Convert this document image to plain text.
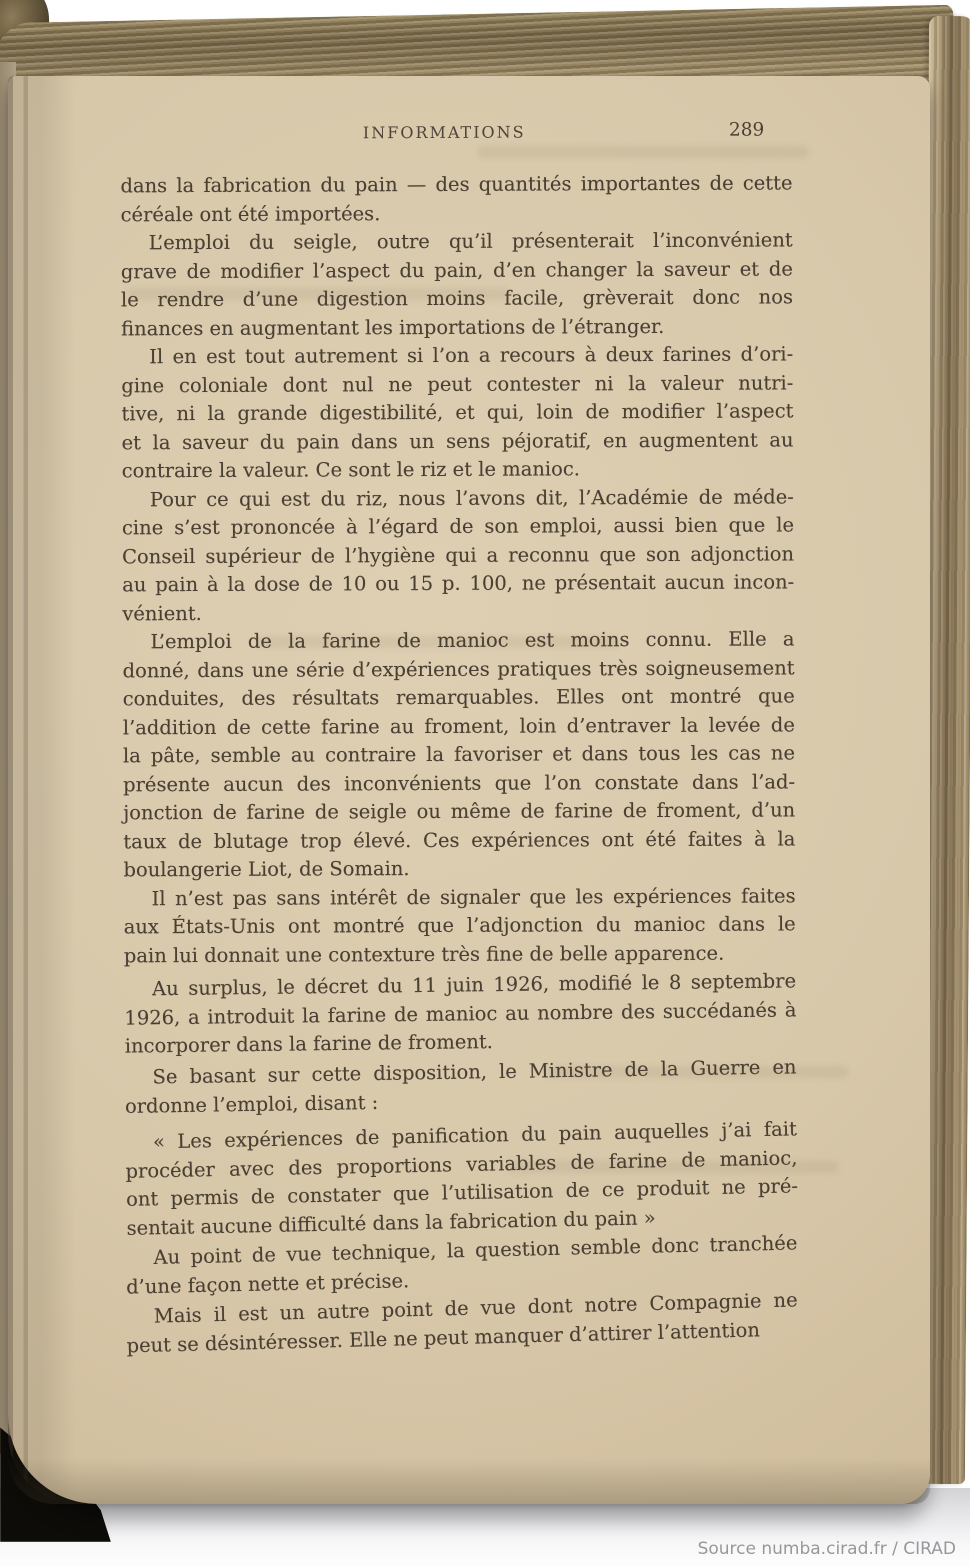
INFORMATIONS	289
dans la fabrication du pain — des quantités importantes de cette
céréale ont été importées.
L’emploi du seigle, outre qu’il présenterait l’inconvénient
grave de modifier l’aspect du pain, d’en changer la saveur et de
le rendre d’une digestion moins facile, grèverait donc nos
finances en augmentant les importations de l’étranger.
Il en est tout autrement si l’on a recours à deux farines d’ori-
gine coloniale dont nul ne peut contester ni la valeur nutri-
tive, ni la grande digestibilité, et qui, loin de modifier l’aspect
et la saveur du pain dans un sens péjoratif, en augmentent au
contraire la valeur. Ce sont le riz et le manioc.
Pour ce qui est du riz, nous l’avons dit, l’Académie de méde-
cine s’est prononcée à l’égard de son emploi, aussi bien que le
Conseil supérieur de l’hygiène qui a reconnu que son adjonction
au pain à la dose de 10 ou 15 p. 100, ne présentait aucun incon-
vénient.
L’emploi de la farine de manioc est moins connu. Elle a
donné, dans une série d’expériences pratiques très soigneusement
conduites, des résultats remarquables. Elles ont montré que
l’addition de cette farine au froment, loin d’entraver la levée de
la pâte, semble au contraire la favoriser et dans tous les cas ne
présente aucun des inconvénients que l’on constate dans l’ad-
jonction de farine de seigle ou même de farine de froment, d’un
taux de blutage trop élevé. Ces expériences ont été faites à la
boulangerie Liot, de Somain.
Il n’est pas sans intérêt de signaler que les expériences faites
aux États-Unis ont montré que l’adjonction du manioc dans le
pain lui donnait une contexture très fine de belle apparence.
Au surplus, le décret du 11 juin 1926, modifié le 8 septembre
1926, a introduit la farine de manioc au nombre des succédanés à
incorporer dans la farine de froment.
Se basant sur cette disposition, le Ministre de la Guerre en
ordonne l’emploi, disant :
« Les expériences de panification du pain auquelles j’ai fait
procéder avec des proportions variables de farine de manioc,
ont permis de constater que l’utilisation de ce produit ne pré-
sentait aucune difficulté dans la fabrication du pain »
Au point de vue technique, la question semble donc tranchée
d’une façon nette et précise.
Mais il est un autre point de vue dont notre Compagnie ne
peut se désintéresser. Elle ne peut manquer d’attirer l’attention
Source numba.cirad.fr / CIRAD
